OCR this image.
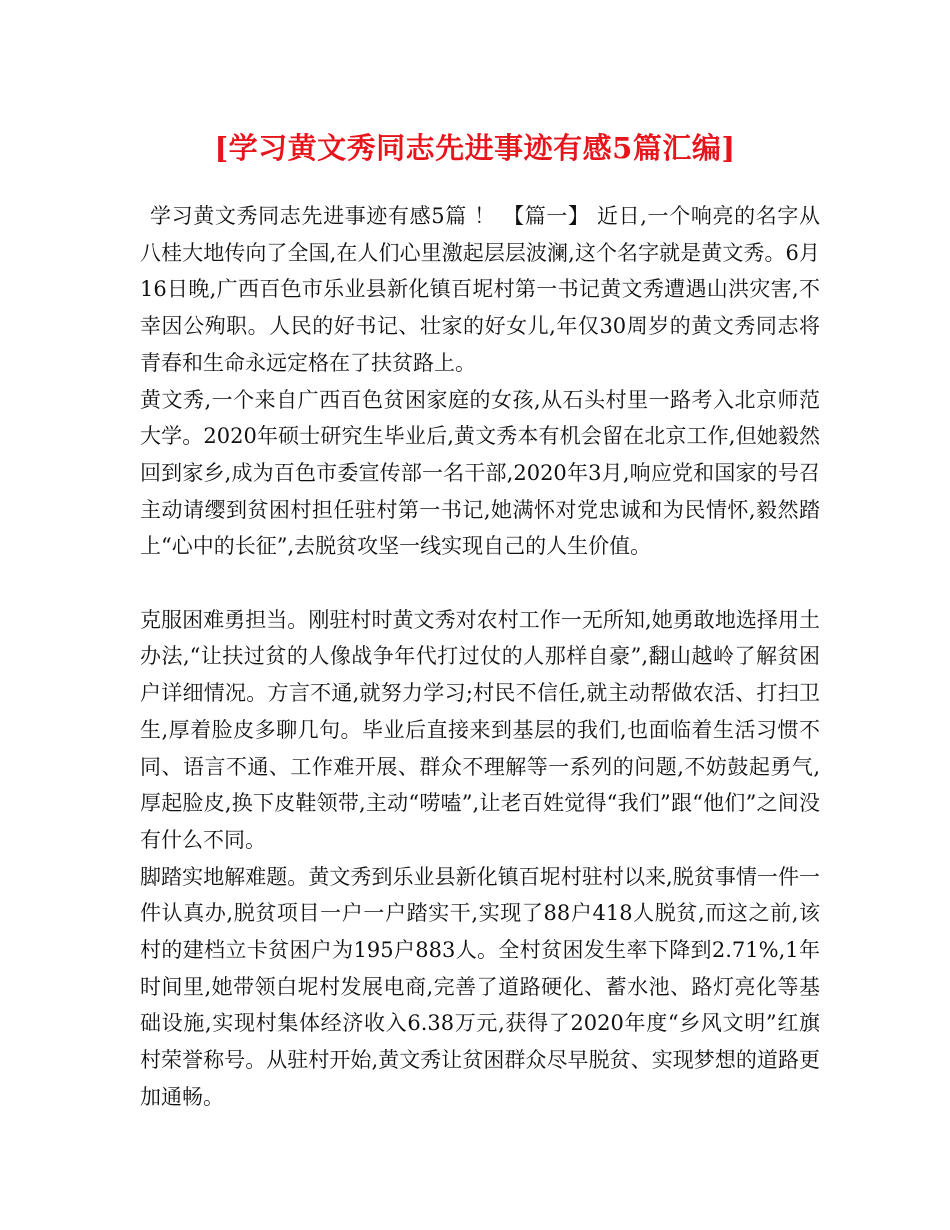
[学习黄文秀同志先进事迹有感5篇汇编]

学习黄文秀同志先进事迹有感5篇 ！ 【篇一】 近日,一个响亮的名字从八桂大地传向了全国,在人们心里激起层层波澜,这个名字就是黄文秀。6月16日晚,广西百色市乐业县新化镇百坭村第一书记黄文秀遭遇山洪灾害,不幸因公殉职。人民的好书记、壮家的好女儿,年仅30周岁的黄文秀同志将青春和生命永远定格在了扶贫路上。

黄文秀,一个来自广西百色贫困家庭的女孩,从石头村里一路考入北京师范大学。2020年硕士研究生毕业后,黄文秀本有机会留在北京工作,但她毅然回到家乡,成为百色市委宣传部一名干部,2020年3月,响应党和国家的号召主动请缨到贫困村担任驻村第一书记,她满怀对党忠诚和为民情怀,毅然踏上“心中的长征”,去脱贫攻坚一线实现自己的人生价值。

克服困难勇担当。刚驻村时黄文秀对农村工作一无所知,她勇敢地选择用土办法,“让扶过贫的人像战争年代打过仗的人那样自豪”,翻山越岭了解贫困户详细情况。方言不通,就努力学习;村民不信任,就主动帮做农活、打扫卫生,厚着脸皮多聊几句。毕业后直接来到基层的我们,也面临着生活习惯不同、语言不通、工作难开展、群众不理解等一系列的问题,不妨鼓起勇气,厚起脸皮,换下皮鞋领带,主动“唠嗑”,让老百姓觉得“我们”跟“他们”之间没有什么不同。

脚踏实地解难题。黄文秀到乐业县新化镇百坭村驻村以来,脱贫事情一件一件认真办,脱贫项目一户一户踏实干,实现了88户418人脱贫,而这之前,该村的建档立卡贫困户为195户883人。全村贫困发生率下降到2.71%,1年时间里,她带领白坭村发展电商,完善了道路硬化、蓄水池、路灯亮化等基础设施,实现村集体经济收入6.38万元,获得了2020年度“乡风文明”红旗村荣誉称号。从驻村开始,黄文秀让贫困群众尽早脱贫、实现梦想的道路更加通畅。
